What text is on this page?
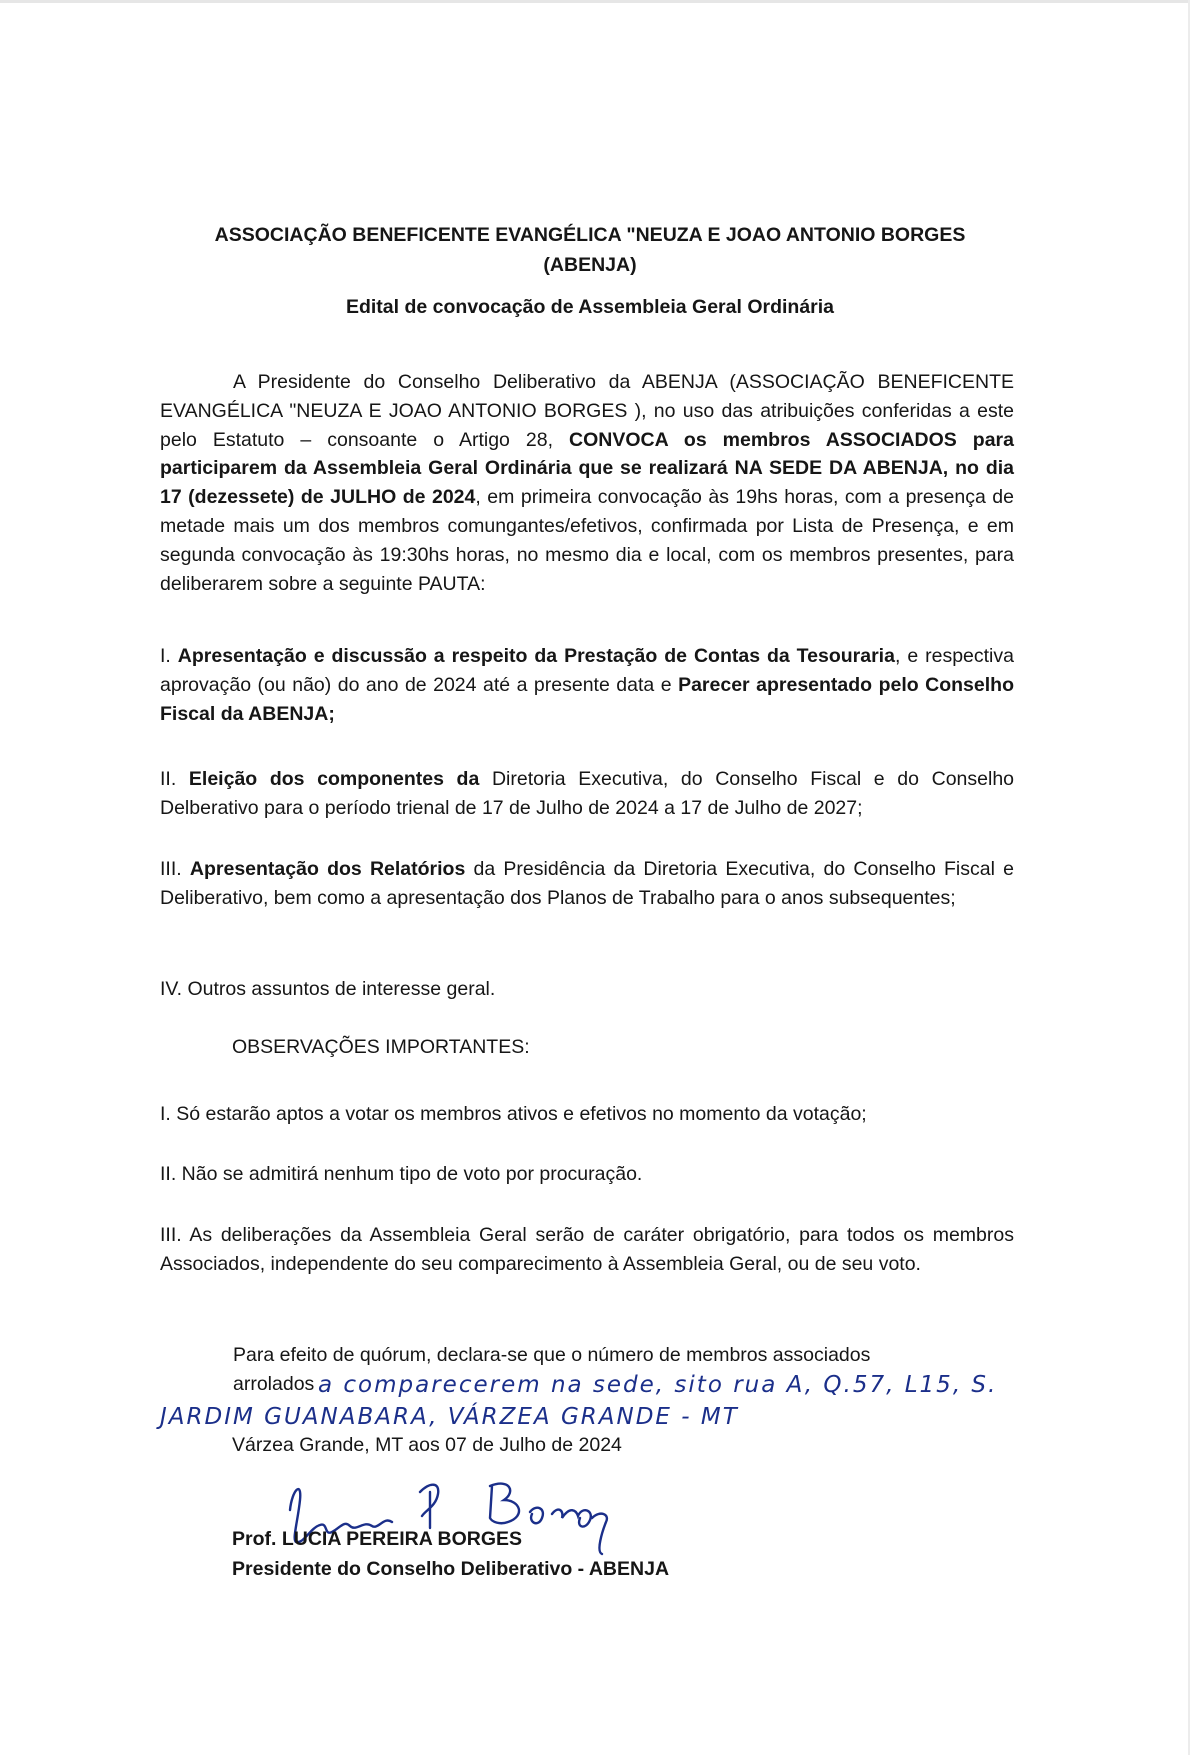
ASSOCIAÇÃO BENEFICENTE EVANGÉLICA "NEUZA E JOAO ANTONIO BORGES
(ABENJA)
Edital de convocação de Assembleia Geral Ordinária
A Presidente do Conselho Deliberativo da ABENJA (ASSOCIAÇÃO BENEFICENTE EVANGÉLICA "NEUZA E JOAO ANTONIO BORGES ), no uso das atribuições conferidas a este pelo Estatuto – consoante o Artigo 28, CONVOCA os membros ASSOCIADOS para participarem da Assembleia Geral Ordinária que se realizará NA SEDE DA ABENJA, no dia 17 (dezessete) de JULHO de 2024, em primeira convocação às 19hs horas, com a presença de metade mais um dos membros comungantes/efetivos, confirmada por Lista de Presença, e em segunda convocação às 19:30hs horas, no mesmo dia e local, com os membros presentes, para deliberarem sobre a seguinte PAUTA:
I. Apresentação e discussão a respeito da Prestação de Contas da Tesouraria, e respectiva aprovação (ou não) do ano de 2024 até a presente data e Parecer apresentado pelo Conselho Fiscal da ABENJA;
II. Eleição dos componentes da Diretoria Executiva, do Conselho Fiscal e do Conselho Delberativo para o período trienal de 17 de Julho de 2024 a 17 de Julho de 2027;
III. Apresentação dos Relatórios da Presidência da Diretoria Executiva, do Conselho Fiscal e Deliberativo, bem como a apresentação dos Planos de Trabalho para o anos subsequentes;
IV. Outros assuntos de interesse geral.
OBSERVAÇÕES IMPORTANTES:
I. Só estarão aptos a votar os membros ativos e efetivos no momento da votação;
II. Não se admitirá nenhum tipo de voto por procuração.
III. As deliberações da Assembleia Geral serão de caráter obrigatório, para todos os membros Associados, independente do seu comparecimento à Assembleia Geral, ou de seu voto.
Para efeito de quórum, declara-se que o número de membros associados
arrolados a comparecerem na sede, sito rua A, Q.57, L15, S.
JARDIM GUANABARA, VÁRZEA GRANDE - MT
Várzea Grande, MT aos 07 de Julho de 2024
Prof. LUCIA PEREIRA BORGES
Presidente do Conselho Deliberativo - ABENJA
